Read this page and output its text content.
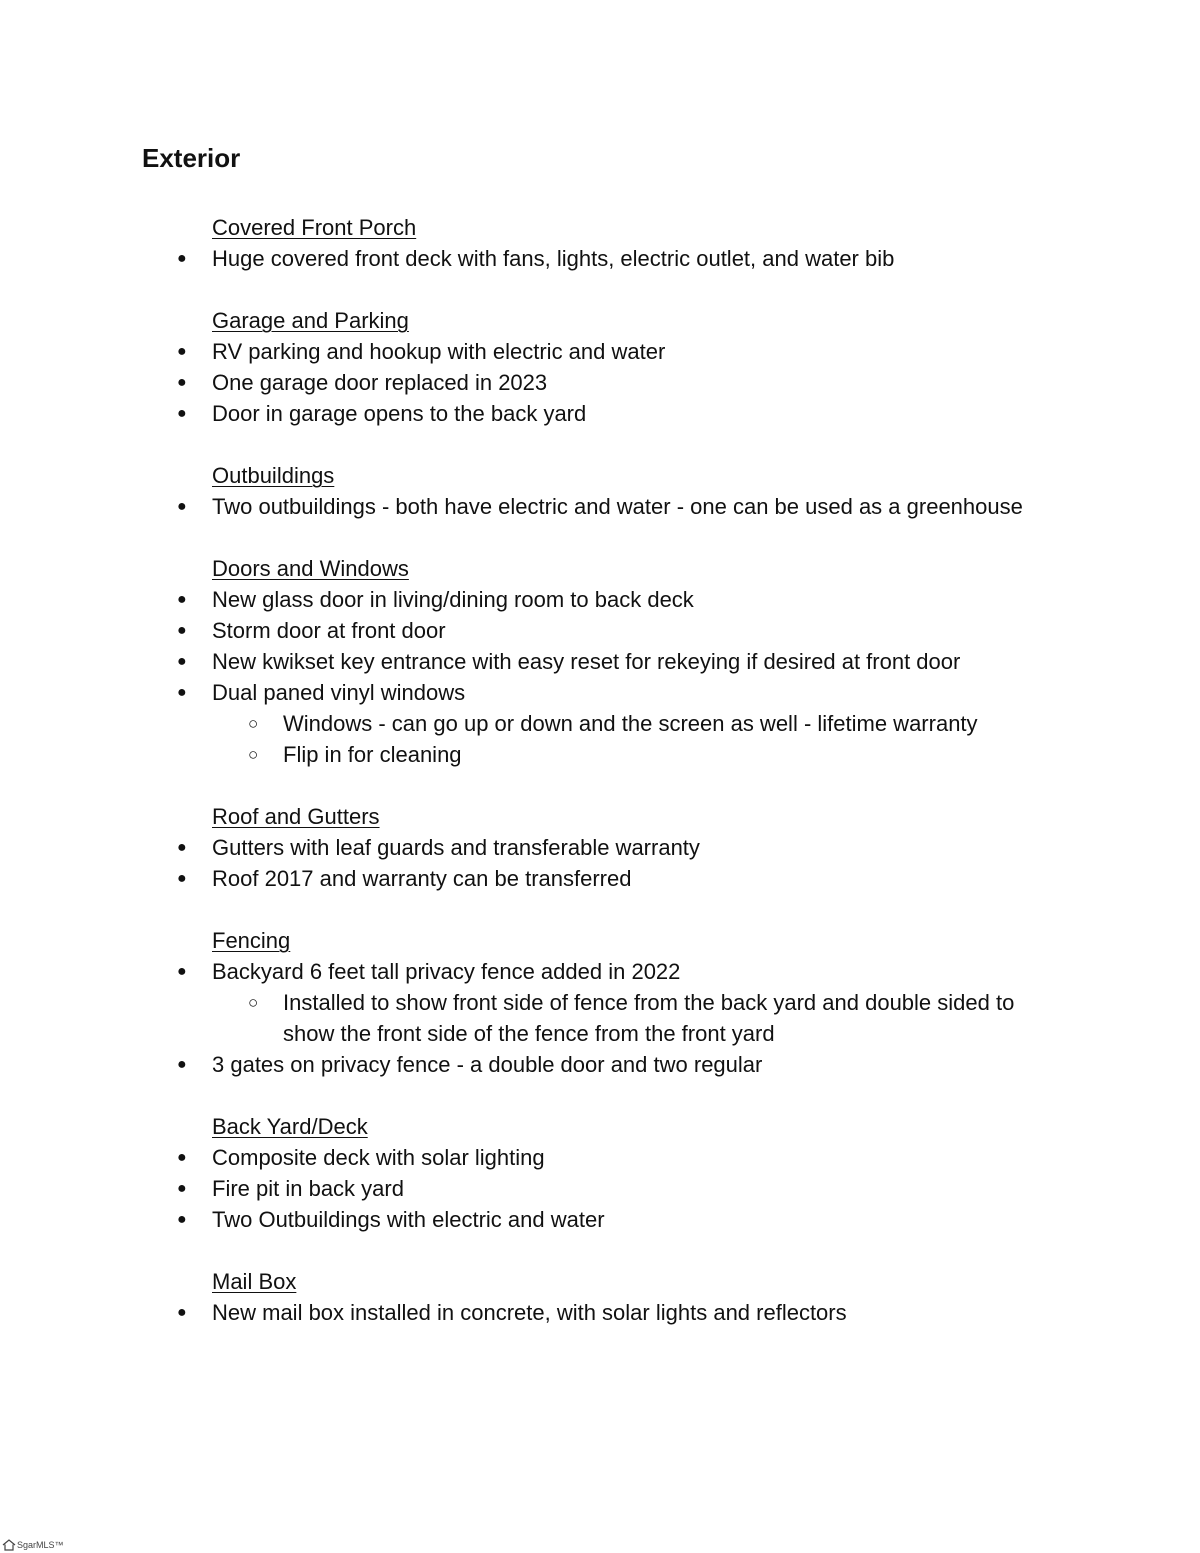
Exterior
Covered Front Porch
● Huge covered front deck with fans, lights, electric outlet, and water bib
Garage and Parking
● RV parking and hookup with electric and water
● One garage door replaced in 2023
● Door in garage opens to the back yard
Outbuildings
● Two outbuildings - both have electric and water - one can be used as a greenhouse
Doors and Windows
● New glass door in living/dining room to back deck
● Storm door at front door
● New kwikset key entrance with easy reset for rekeying if desired at front door
● Dual paned vinyl windows
○ Windows - can go up or down and the screen as well - lifetime warranty
○ Flip in for cleaning
Roof and Gutters
● Gutters with leaf guards and transferable warranty
● Roof 2017 and warranty can be transferred
Fencing
● Backyard 6 feet tall privacy fence added in 2022
○ Installed to show front side of fence from the back yard and double sided to show the front side of the fence from the front yard
● 3 gates on privacy fence - a double door and two regular
Back Yard/Deck
● Composite deck with solar lighting
● Fire pit in back yard
● Two Outbuildings with electric and water
Mail Box
● New mail box installed in concrete, with solar lights and reflectors
SgarMLS™
